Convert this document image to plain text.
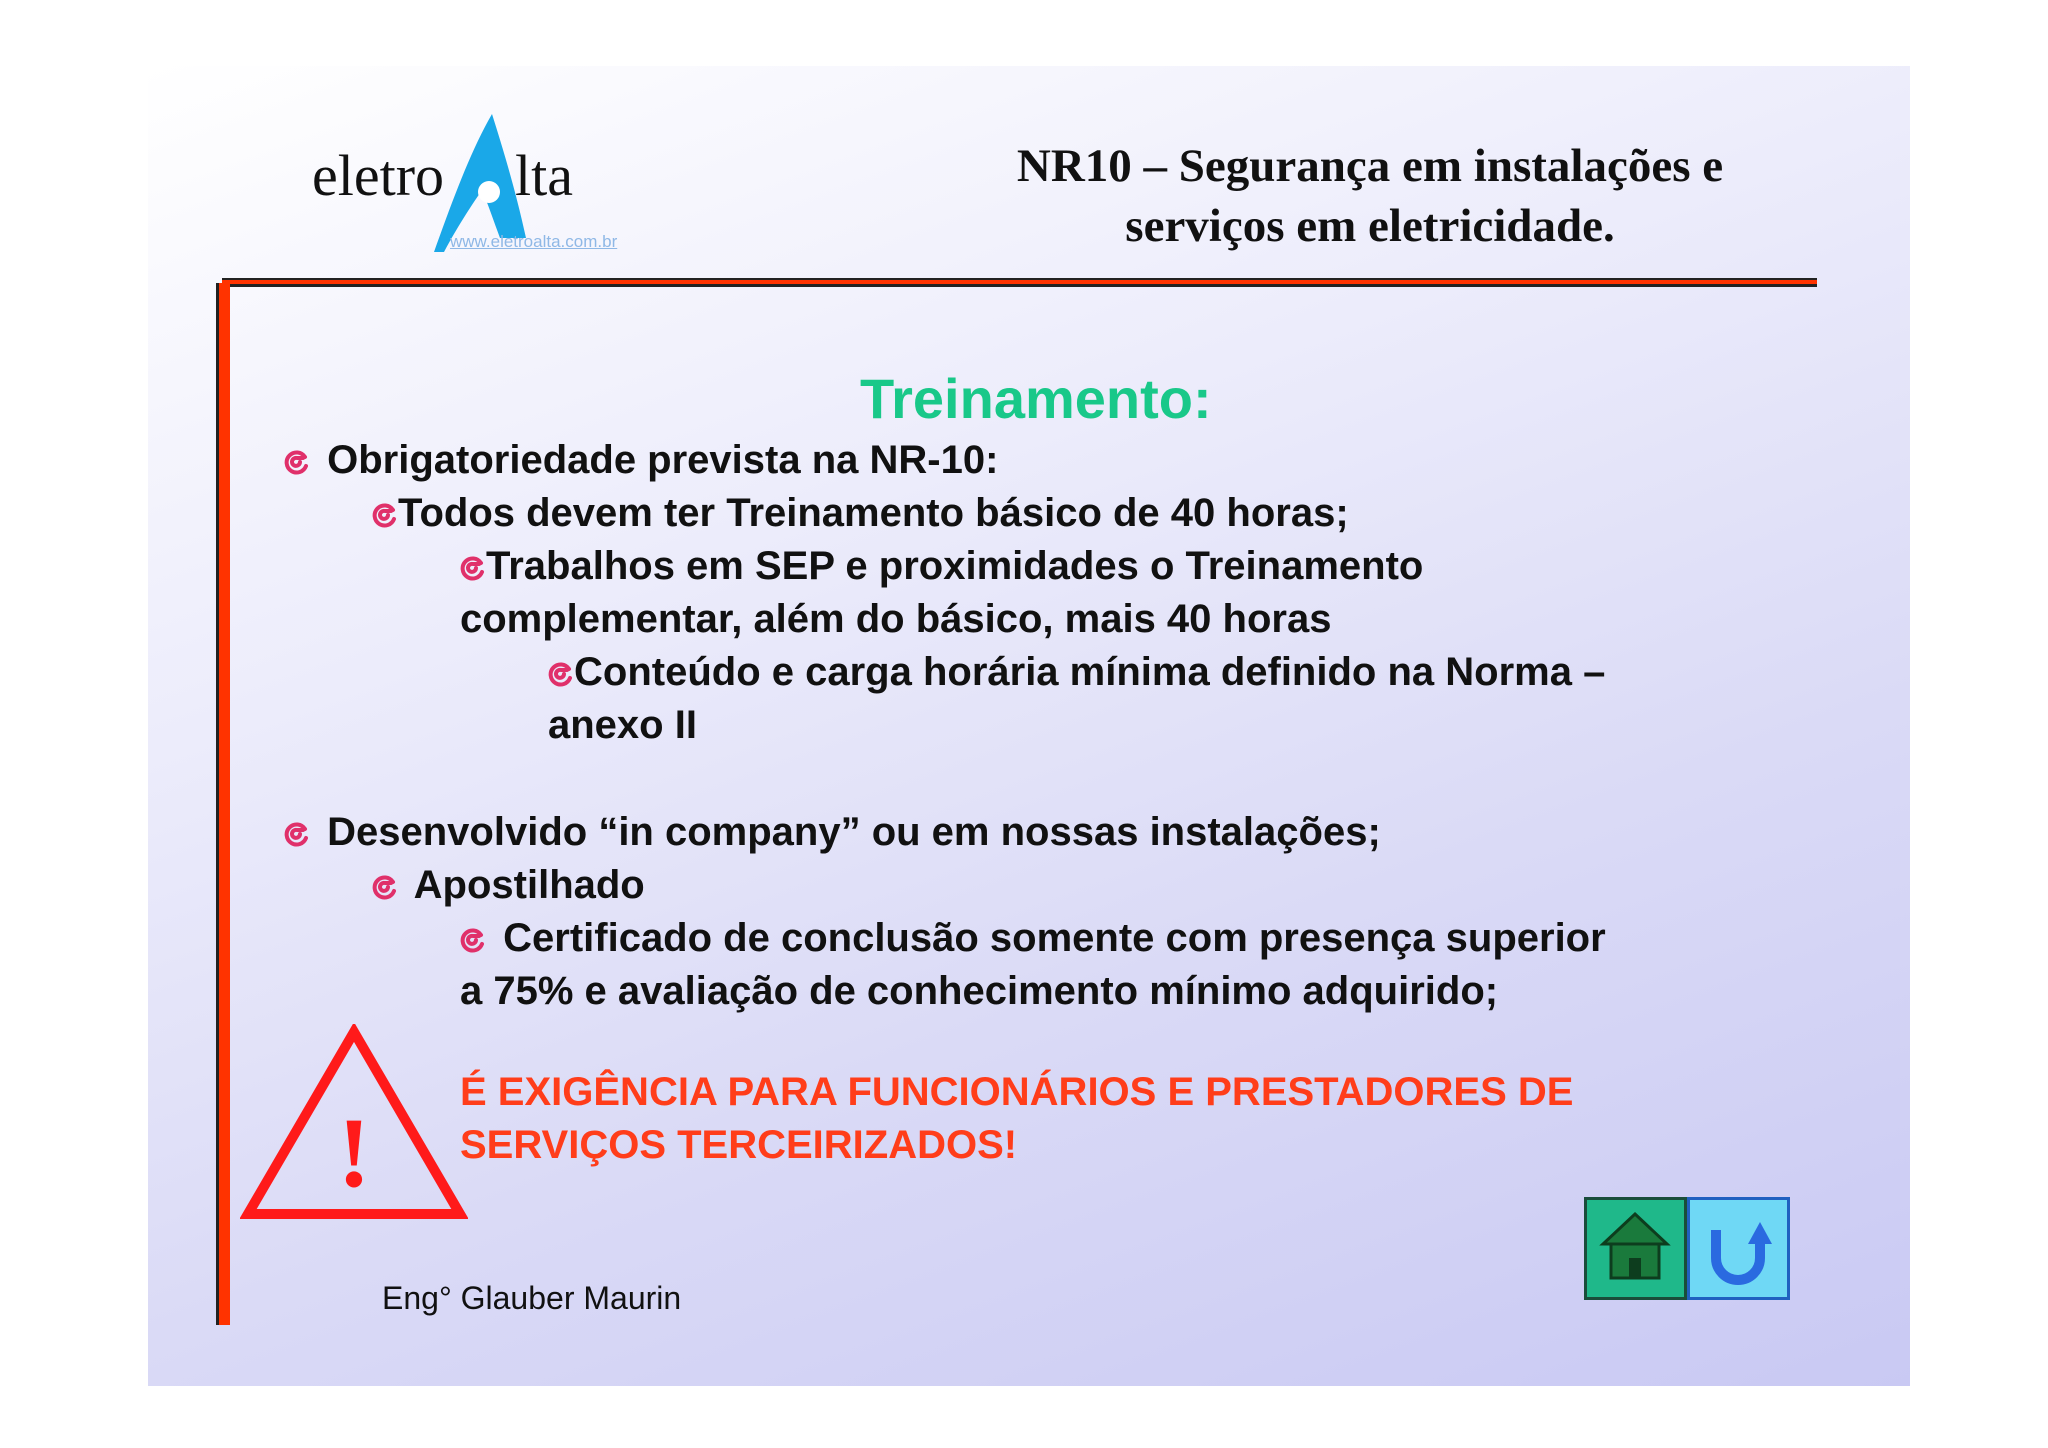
eletro lta
www.eletroalta.com.br
NR10 – Segurança em instalações e
serviços em eletricidade.
Treinamento:
Obrigatoriedade prevista na NR-10:
Todos devem ter Treinamento básico de 40 horas;
Trabalhos em SEP e proximidades o Treinamento
complementar, além do básico, mais 40 horas
Conteúdo e carga horária mínima definido na Norma –
anexo II
Desenvolvido “in company” ou em nossas instalações;
Apostilhado
Certificado de conclusão somente com presença superior
a 75% e avaliação de conhecimento mínimo adquirido;
!
É EXIGÊNCIA PARA FUNCIONÁRIOS E PRESTADORES DE
SERVIÇOS TERCEIRIZADOS!
Eng° Glauber Maurin
